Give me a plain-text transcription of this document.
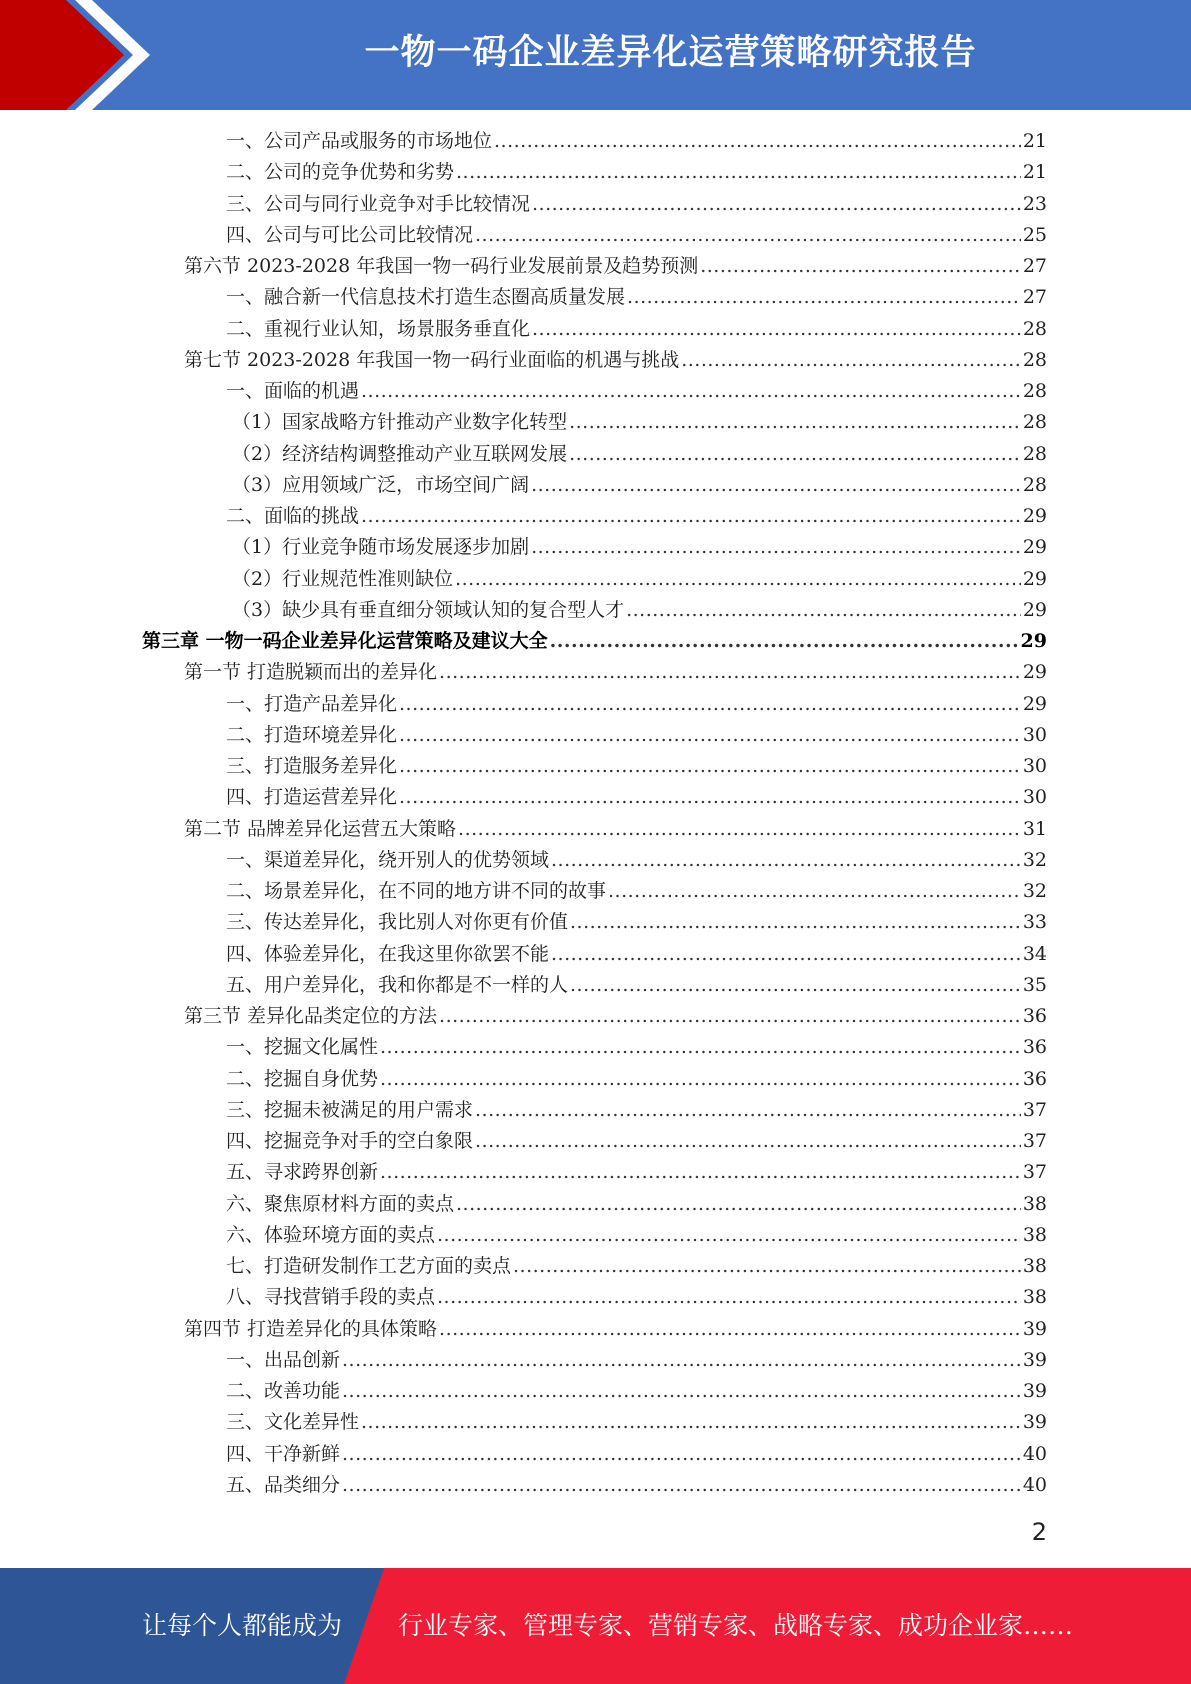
一物一码企业差异化运营策略研究报告
一、公司产品或服务的市场地位 .....	21
二、公司的竞争优势和劣势 .....	21
三、公司与同行业竞争对手比较情况 .....	23
四、公司与可比公司比较情况 .....	25
第六节 2023-2028 年我国一物一码行业发展前景及趋势预测 .....	27
一、融合新一代信息技术打造生态圈高质量发展 .....	27
二、重视行业认知，场景服务垂直化 .....	28
第七节 2023-2028 年我国一物一码行业面临的机遇与挑战 .....	28
一、面临的机遇 .....	28
（1）国家战略方针推动产业数字化转型 .....	28
（2）经济结构调整推动产业互联网发展 .....	28
（3）应用领域广泛，市场空间广阔 .....	28
二、面临的挑战 .....	29
（1）行业竞争随市场发展逐步加剧 .....	29
（2）行业规范性准则缺位 .....	29
（3）缺少具有垂直细分领域认知的复合型人才 .....	29
第三章 一物一码企业差异化运营策略及建议大全 .....	29
第一节 打造脱颖而出的差异化 .....	29
一、打造产品差异化 .....	29
二、打造环境差异化 .....	30
三、打造服务差异化 .....	30
四、打造运营差异化 .....	30
第二节 品牌差异化运营五大策略 .....	31
一、渠道差异化，绕开别人的优势领域 .....	32
二、场景差异化，在不同的地方讲不同的故事 .....	32
三、传达差异化，我比别人对你更有价值 .....	33
四、体验差异化，在我这里你欲罢不能 .....	34
五、用户差异化，我和你都是不一样的人 .....	35
第三节 差异化品类定位的方法 .....	36
一、挖掘文化属性 .....	36
二、挖掘自身优势 .....	36
三、挖掘未被满足的用户需求 .....	37
四、挖掘竞争对手的空白象限 .....	37
五、寻求跨界创新 .....	37
六、聚焦原材料方面的卖点 .....	38
六、体验环境方面的卖点 .....	38
七、打造研发制作工艺方面的卖点 .....	38
八、寻找营销手段的卖点 .....	38
第四节 打造差异化的具体策略 .....	39
一、出品创新 .....	39
二、改善功能 .....	39
三、文化差异性 .....	39
四、干净新鲜 .....	40
五、品类细分 .....	40
2
让每个人都能成为 行业专家、管理专家、营销专家、战略专家、成功企业家……
